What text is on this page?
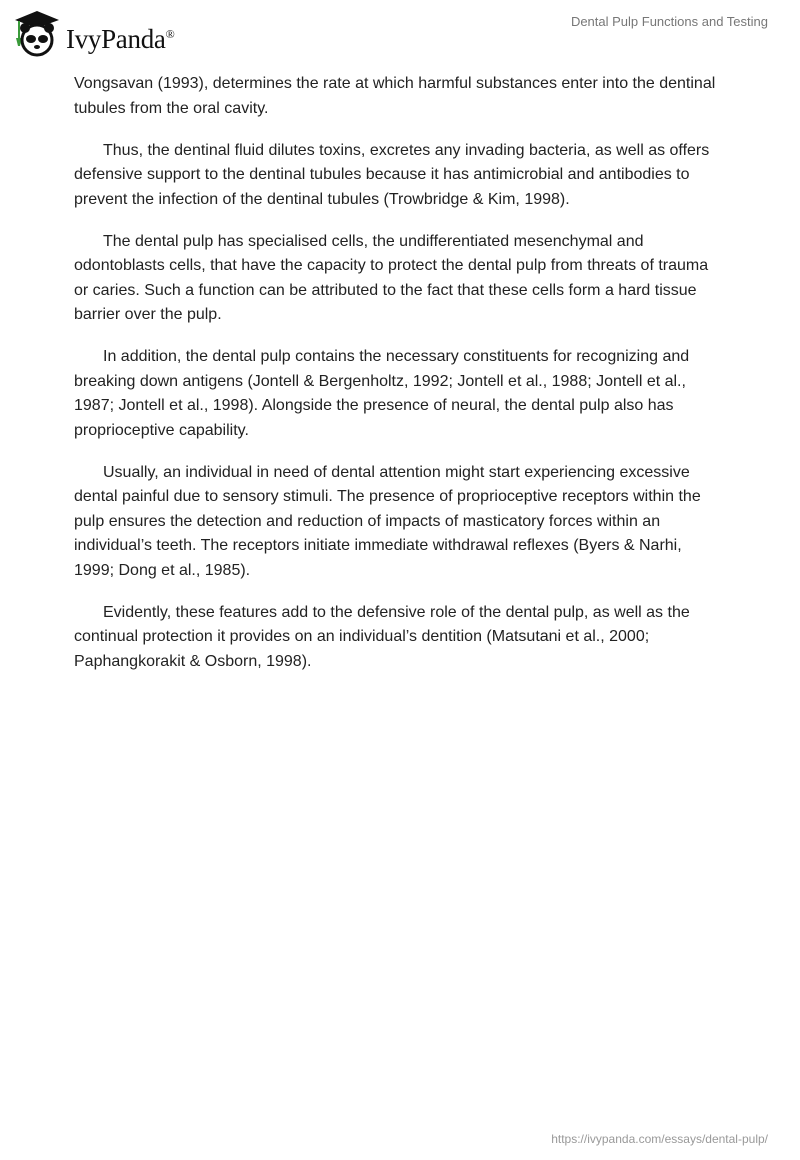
IvyPanda®
Dental Pulp Functions and Testing

Vongsavan (1993), determines the rate at which harmful substances enter into the dentinal tubules from the oral cavity.

Thus, the dentinal fluid dilutes toxins, excretes any invading bacteria, as well as offers defensive support to the dentinal tubules because it has antimicrobial and antibodies to prevent the infection of the dentinal tubules (Trowbridge & Kim, 1998).

The dental pulp has specialised cells, the undifferentiated mesenchymal and odontoblasts cells, that have the capacity to protect the dental pulp from threats of trauma or caries. Such a function can be attributed to the fact that these cells form a hard tissue barrier over the pulp.

In addition, the dental pulp contains the necessary constituents for recognizing and breaking down antigens (Jontell & Bergenholtz, 1992; Jontell et al., 1988; Jontell et al., 1987; Jontell et al., 1998). Alongside the presence of neural, the dental pulp also has proprioceptive capability.

Usually, an individual in need of dental attention might start experiencing excessive dental painful due to sensory stimuli. The presence of proprioceptive receptors within the pulp ensures the detection and reduction of impacts of masticatory forces within an individual’s teeth. The receptors initiate immediate withdrawal reflexes (Byers & Narhi, 1999; Dong et al., 1985).

Evidently, these features add to the defensive role of the dental pulp, as well as the continual protection it provides on an individual’s dentition (Matsutani et al., 2000; Paphangkorakit & Osborn, 1998).

https://ivypanda.com/essays/dental-pulp/
